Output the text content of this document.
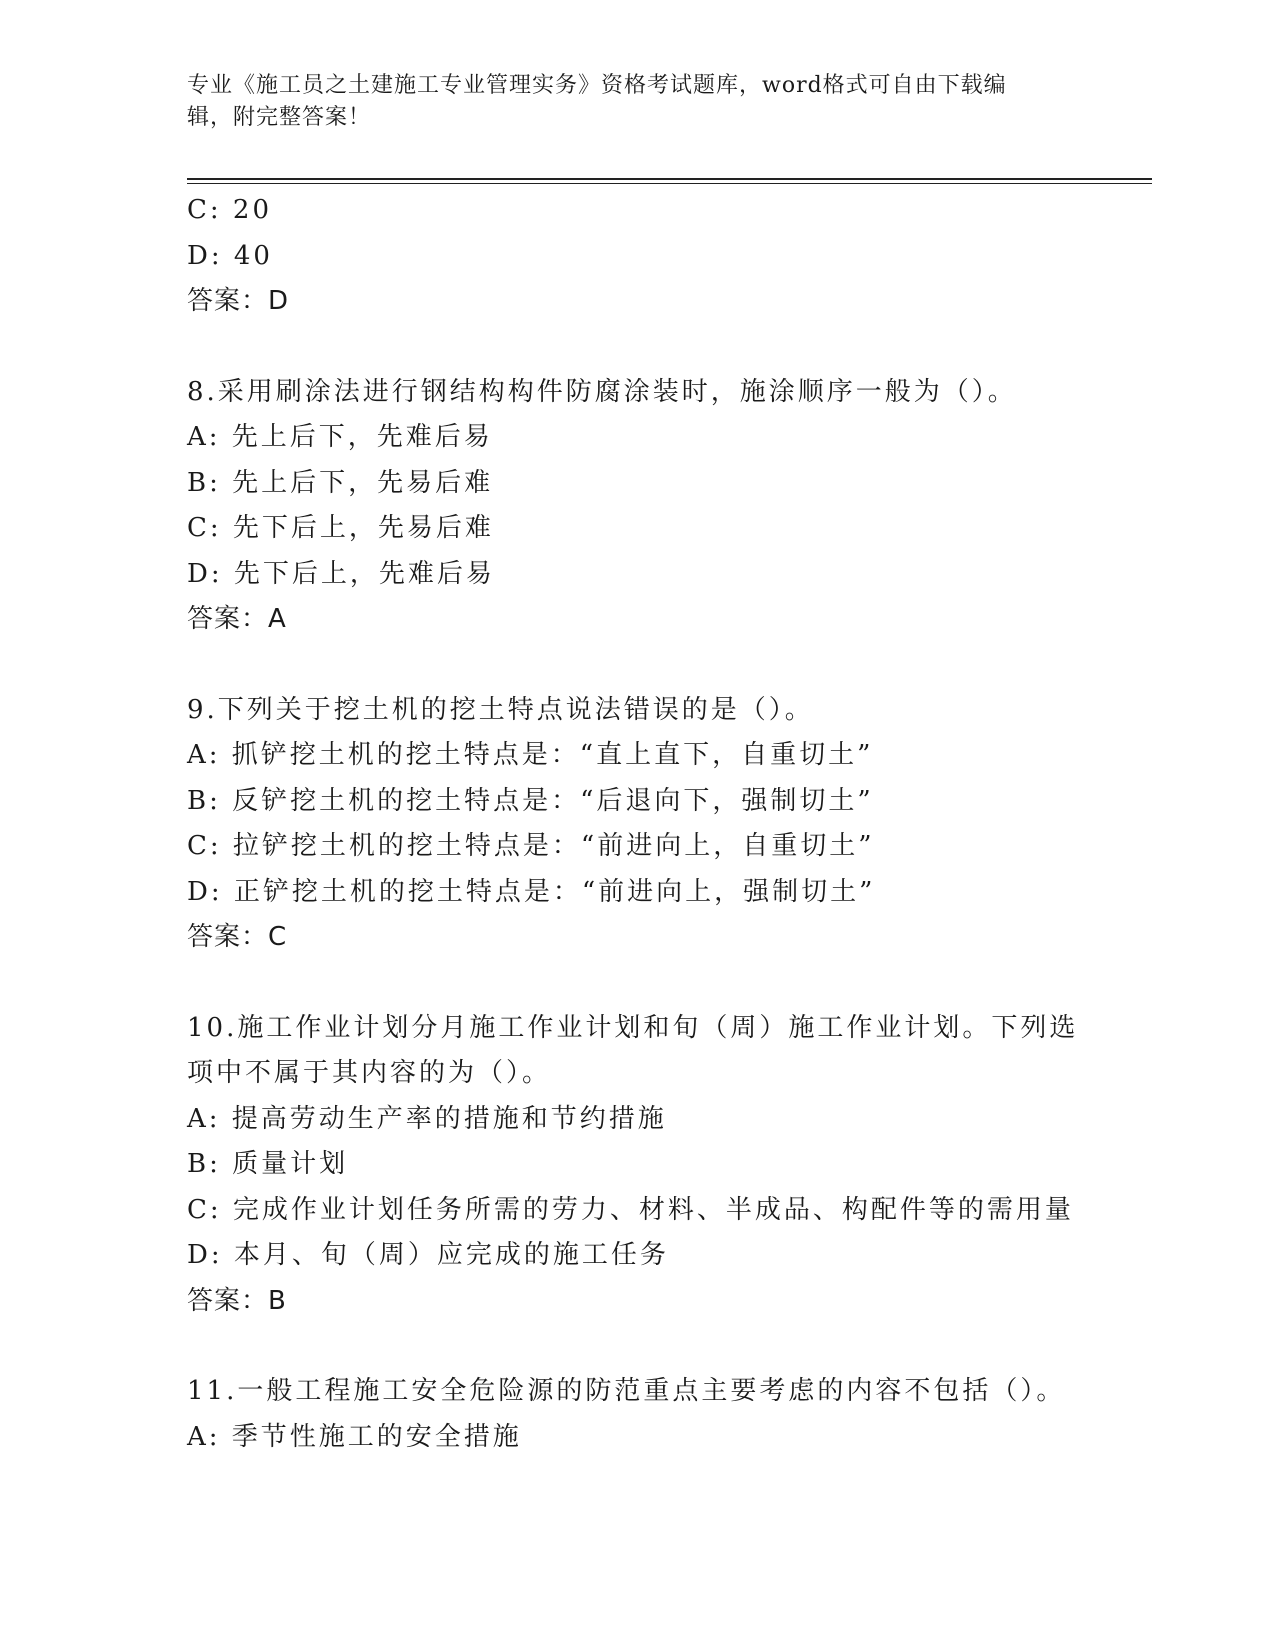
专业《施工员之土建施工专业管理实务》资格考试题库，word格式可自由下载编
辑，附完整答案！
C: 20
D: 40
答案：D
8.采用刷涂法进行钢结构构件防腐涂装时，施涂顺序一般为（）。
A: 先上后下，先难后易
B: 先上后下，先易后难
C: 先下后上，先易后难
D: 先下后上，先难后易
答案：A
9.下列关于挖土机的挖土特点说法错误的是（）。
A: 抓铲挖土机的挖土特点是：“直上直下，自重切土”
B: 反铲挖土机的挖土特点是：“后退向下，强制切土”
C: 拉铲挖土机的挖土特点是：“前进向上，自重切土”
D: 正铲挖土机的挖土特点是：“前进向上，强制切土”
答案：C
10.施工作业计划分月施工作业计划和旬（周）施工作业计划。下列选
项中不属于其内容的为（）。
A: 提高劳动生产率的措施和节约措施
B: 质量计划
C: 完成作业计划任务所需的劳力、材料、半成品、构配件等的需用量
D: 本月、旬（周）应完成的施工任务
答案：B
11.一般工程施工安全危险源的防范重点主要考虑的内容不包括（）。
A: 季节性施工的安全措施
